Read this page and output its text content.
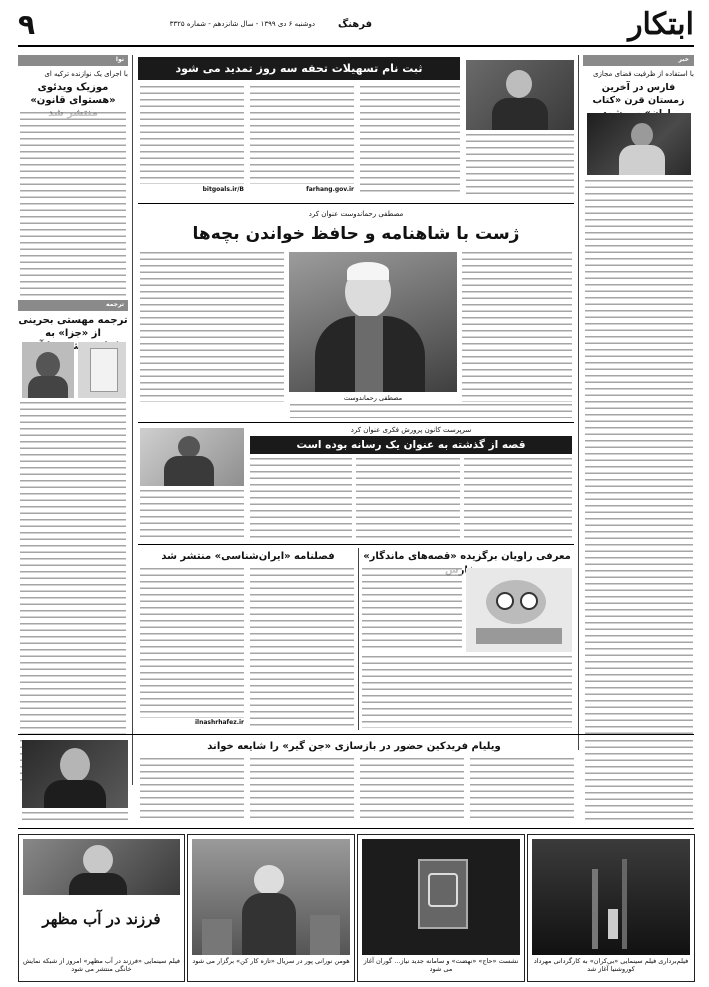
ابتکار
۹	دوشنبه ۶ دی ۱۳۹۹ - سال شانزدهم - شماره ۳۳۲۵	فرهنگ
نوا
با اجرای یک نوازنده ترکیه ای
موزیک ویدئوی «هستوای قانون»
ترجمه
ترجمه مهستی بحرینی از «جزا» به
خبر
با استفاده از ظرفیت فضای مجازی
فارس در آخرین زمستان قرن «کتاب
ثبت نام تسهیلات تحفه سه روز تمدید می شود
bitgoals.ir/B	farhang.gov.ir
مصطفی رحماندوست عنوان کرد
ژست با شاهنامه و حافظ خواندن بچه‌ها
مصطفی رحماندوست
سرپرست کانون پرورش فکری عنوان کرد
قصه از گذشته به عنوان یک رسانه بوده است
معرفی راویان برگزیده «قصه‌های ماندگار»
فصلنامه «ایران‌شناسی» منتشر شد
ilnashrhafez.ir
ویلیام فریدکین حضور در بازسازی «جن گیر» را شایعه خواند
فیلم‌برداری فیلم سینمایی «بی‌کران» به کارگردانی مهرداد کوروشنیا آغاز شد
نشست «حاج» «نهضت» و سامانه جدید نیاز... گوران آغاز می شود
هومن نورانی پور در سریال «تازه کار کن» برگزار می شود
فرزند در آب مظهر
فیلم سینمایی «فرزند در آب مظهر» امروز از شبکه نمایش خانگی منتشر می شود
